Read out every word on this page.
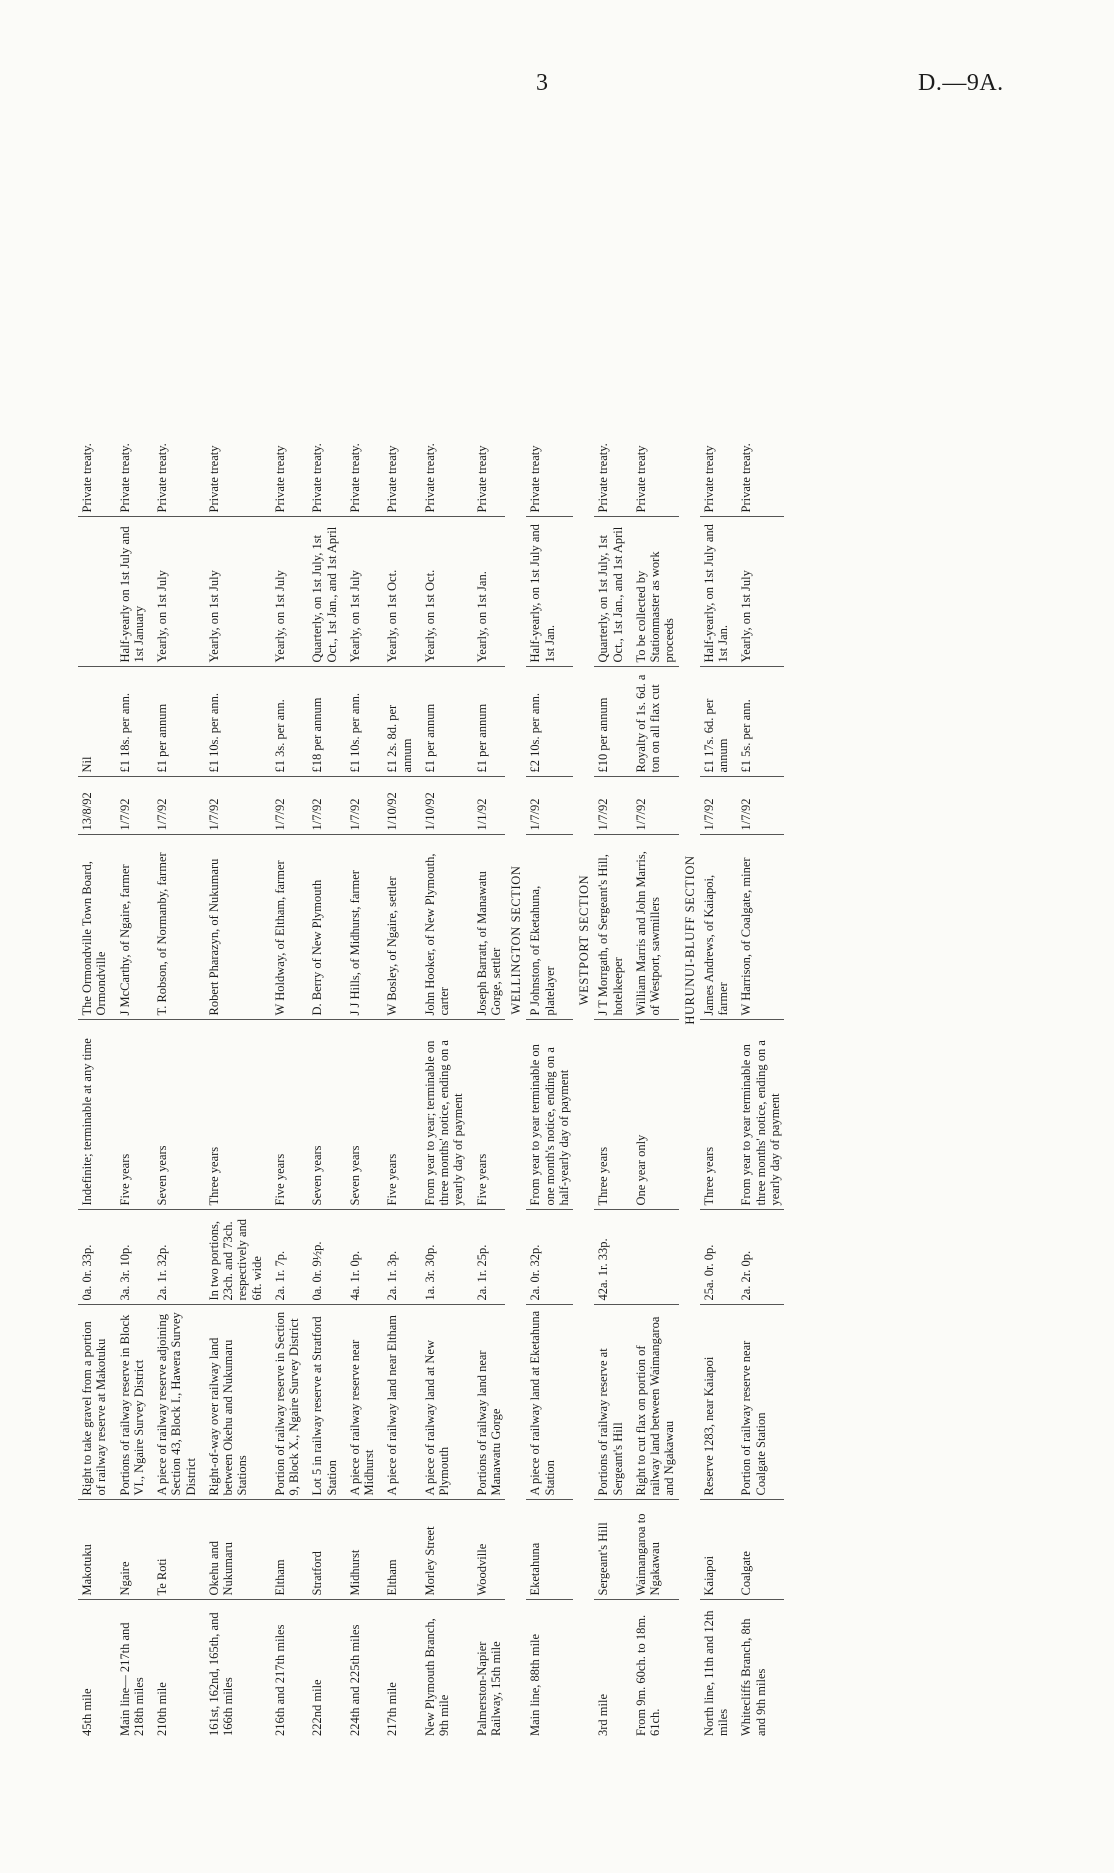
3	D.—9A.
45th mile	Makotuku	Right to take gravel from a portion of railway reserve at Makotuku	0a. 0r. 33p.	Indefinite; terminable at any time	The Ormondville Town Board, Ormondville	13/8/92	Nil		Private treaty.
Main line— 217th and 218th miles	Ngaire	Portions of railway reserve in Block VI., Ngaire Survey District	3a. 3r. 10p.	Five years	J McCarthy, of Ngaire, farmer	1/7/92	£1 18s. per ann.	Half-yearly on 1st July and 1st January	Private treaty.
210th mile	Te Roti	A piece of railway reserve adjoining Section 43, Block I., Hawera Survey District	2a. 1r. 32p.	Seven years	T. Robson, of Normanby, farmer	1/7/92	£1 per annum	Yearly, on 1st July	Private treaty.
161st, 162nd, 165th, and 166th miles	Okehu and Nukumaru	Right-of-way over railway land between Okehu and Nukumaru Stations	In two portions, 23ch. and 73ch. respectively and 6ft. wide	Three years	Robert Pharazyn, of Nukumaru	1/7/92	£1 10s. per ann.	Yearly, on 1st July	Private treaty
216th and 217th miles	Eltham	Portion of railway reserve in Section 9, Block X., Ngaire Survey District	2a. 1r. 7p.	Five years	W Holdway, of Eltham, farmer	1/7/92	£1 3s. per ann.	Yearly, on 1st July	Private treaty
222nd mile	Stratford	Lot 5 in railway reserve at Stratford Station	0a. 0r. 9½p.	Seven years	D. Berry of New Plymouth	1/7/92	£18 per annum	Quarterly, on 1st July, 1st Oct., 1st Jan., and 1st April	Private treaty.
224th and 225th miles	Midhurst	A piece of railway reserve near Midhurst	4a. 1r. 0p.	Seven years	J J Hills, of Midhurst, farmer	1/7/92	£1 10s. per ann.	Yearly, on 1st July	Private treaty.
217th mile	Eltham	A piece of railway land near Eltham	2a. 1r. 3p.	Five years	W Bosley, of Ngaire, settler	1/10/92	£1 2s. 8d. per annum	Yearly, on 1st Oct.	Private treaty
New Plymouth Branch, 9th mile	Morley Street	A piece of railway land at New Plymouth	1a. 3r. 30p.	From year to year; terminable on three months' notice, ending on a yearly day of payment	John Hooker, of New Plymouth, carter	1/10/92	£1 per annum	Yearly, on 1st Oct.	Private treaty.
Palmerston-Napier Railway, 15th mile	Woodville	Portions of railway land near Manawatu Gorge	2a. 1r. 25p.	Five years	Joseph Barratt, of Manawatu Gorge, settler	1/1/92	£1 per annum	Yearly, on 1st Jan.	Private treaty
WELLINGTON SECTION									
Main line, 88th mile	Eketahuna	A piece of railway land at Eketahuna Station	2a. 0r. 32p.	From year to year terminable on one month's notice, ending on a half-yearly day of payment	P Johnston, of Eketahuna, platelayer	1/7/92	£2 10s. per ann.	Half-yearly, on 1st July and 1st Jan.	Private treaty
WESTPORT SECTION									
3rd mile	Sergeant's Hill	Portions of railway reserve at Sergeant's Hill	42a. 1r. 33p.	Three years	J T Morrgath, of Sergeant's Hill, hotelkeeper	1/7/92	£10 per annum	Quarterly, on 1st July, 1st Oct., 1st Jan., and 1st April	Private treaty.
From 9m. 60ch. to 18m. 61ch.	Waimangaroa to Ngakawau	Right to cut flax on portion of railway land between Waimangaroa and Ngakawau		One year only	William Marris and John Marris, of Westport, sawmillers	1/7/92	Royalty of 1s. 6d. a ton on all flax cut	To be collected by Stationmaster as work proceeds	Private treaty
HURUNUI-BLUFF SECTION									
North line, 11th and 12th miles	Kaiapoi	Reserve 1283, near Kaiapoi	25a. 0r. 0p.	Three years	James Andrews, of Kaiapoi, farmer	1/7/92	£1 17s. 6d. per annum	Half-yearly, on 1st July and 1st Jan.	Private treaty
Whitecliffs Branch, 8th and 9th miles	Coalgate	Portion of railway reserve near Coalgate Station	2a. 2r. 0p.	From year to year terminable on three months' notice, ending on a yearly day of payment	W Harrison, of Coalgate, miner	1/7/92	£1 5s. per ann.	Yearly, on 1st July	Private treaty.
